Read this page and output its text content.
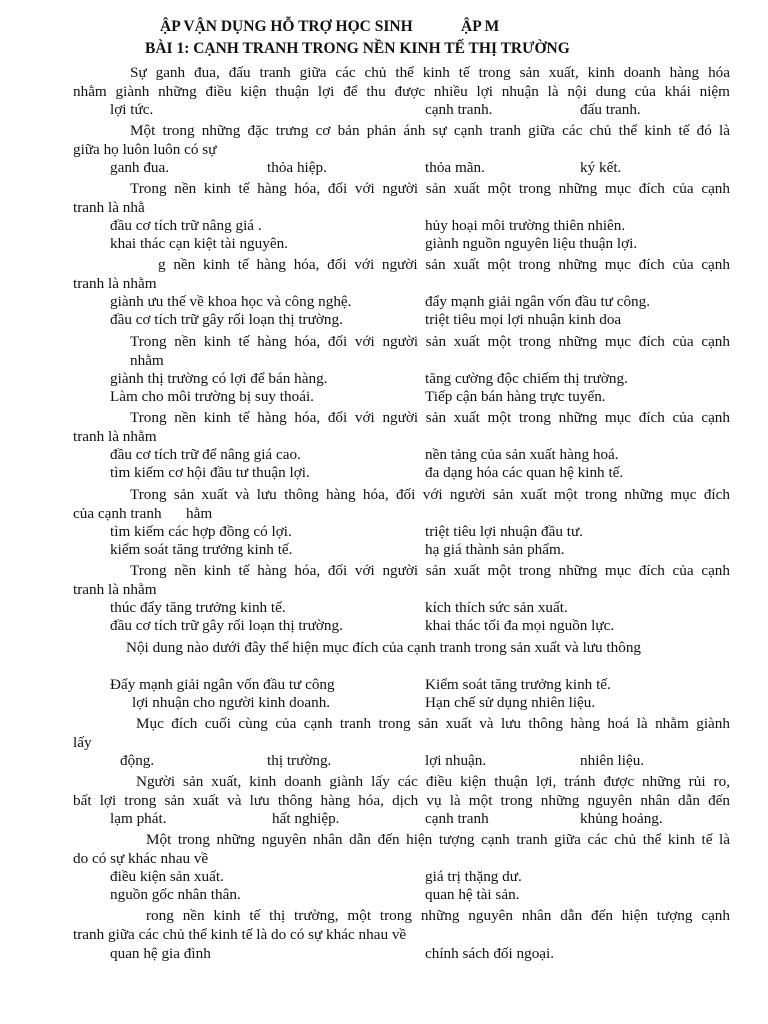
ẬP VẬN DỤNG HỖ TRỢ HỌC SINH	ẬP M
BÀI 1: CẠNH TRANH TRONG NỀN KINH TẾ THỊ TRƯỜNG
Sự ganh đua, đấu tranh giữa các chủ thể kinh tế trong sản xuất, kinh doanh hàng hóa
nhằm giành những điều kiện thuận lợi để thu được nhiều lợi nhuận là nội dung của khái niệm
lợi tức.	cạnh tranh.	đấu tranh.
Một trong những đặc trưng cơ bản phản ánh sự cạnh tranh giữa các chủ thể kinh tế đó là
giữa họ luôn luôn có sự
ganh đua.	thỏa hiệp.	thỏa mãn.	ký kết.
Trong nền kinh tế hàng hóa, đối với người sản xuất một trong những mục đích của cạnh
tranh là nhằ
đầu cơ tích trữ nâng giá .	hủy hoại môi trường thiên nhiên.
khai thác cạn kiệt tài nguyên.	giành nguồn nguyên liệu thuận lợi.
g nền kinh tế hàng hóa, đối với người sản xuất một trong những mục đích của cạnh
tranh là nhằm
giành ưu thế về khoa học và công nghệ.	đẩy mạnh giải ngân vốn đầu tư công.
đầu cơ tích trữ gây rối loạn thị trường.	triệt tiêu mọi lợi nhuận kinh doa
Trong nền kinh tế hàng hóa, đối với người sản xuất một trong những mục đích của cạnh
nhằm
giành thị trường có lợi để bán hàng.	tăng cường độc chiếm thị trường.
Làm cho môi trường bị suy thoái.	Tiếp cận bán hàng trực tuyến.
Trong nền kinh tế hàng hóa, đối với người sản xuất một trong những mục đích của cạnh
tranh là nhằm
đầu cơ tích trữ để nâng giá cao.	nền tảng của sản xuất hàng hoá.
tìm kiếm cơ hội đầu tư thuận lợi.	đa dạng hóa các quan hệ kinh tế.
Trong sản xuất và lưu thông hàng hóa, đối với người sản xuất một trong những mục đích
của cạnh tranh hằm
tìm kiếm các hợp đồng có lợi.	triệt tiêu lợi nhuận đầu tư.
kiểm soát tăng trưởng kinh tế.	hạ giá thành sản phẩm.
Trong nền kinh tế hàng hóa, đối với người sản xuất một trong những mục đích của cạnh
tranh là nhằm
thúc đẩy tăng trưởng kinh tế.	kích thích sức sản xuất.
đầu cơ tích trữ gây rối loạn thị trường.	khai thác tối đa mọi nguồn lực.
Nội dung nào dưới đây thể hiện mục đích của cạnh tranh trong sản xuất và lưu thông
Đẩy mạnh giải ngân vốn đầu tư công	Kiểm soát tăng trưởng kinh tế.
lợi nhuận cho người kinh doanh.	Hạn chế sử dụng nhiên liệu.
Mục đích cuối cùng của cạnh tranh trong sản xuất và lưu thông hàng hoá là nhằm giành
lấy
động.	thị trường.	lợi nhuận.	nhiên liệu.
Người sản xuất, kinh doanh giành lấy các điều kiện thuận lợi, tránh được những rủi ro,
bất lợi trong sản xuất và lưu thông hàng hóa, dịch vụ là một trong những nguyên nhân dẫn đến
lạm phát.	hất nghiệp.	cạnh tranh	khủng hoảng.
Một trong những nguyên nhân dẫn đến hiện tượng cạnh tranh giữa các chủ thể kinh tế là
do có sự khác nhau về
điều kiện sản xuất.	giá trị thặng dư.
nguồn gốc nhân thân.	quan hệ tài sản.
rong nền kinh tế thị trường, một trong những nguyên nhân dẫn đến hiện tượng cạnh
tranh giữa các chủ thể kinh tế là do có sự khác nhau về
quan hệ gia đình	chính sách đối ngoại.
